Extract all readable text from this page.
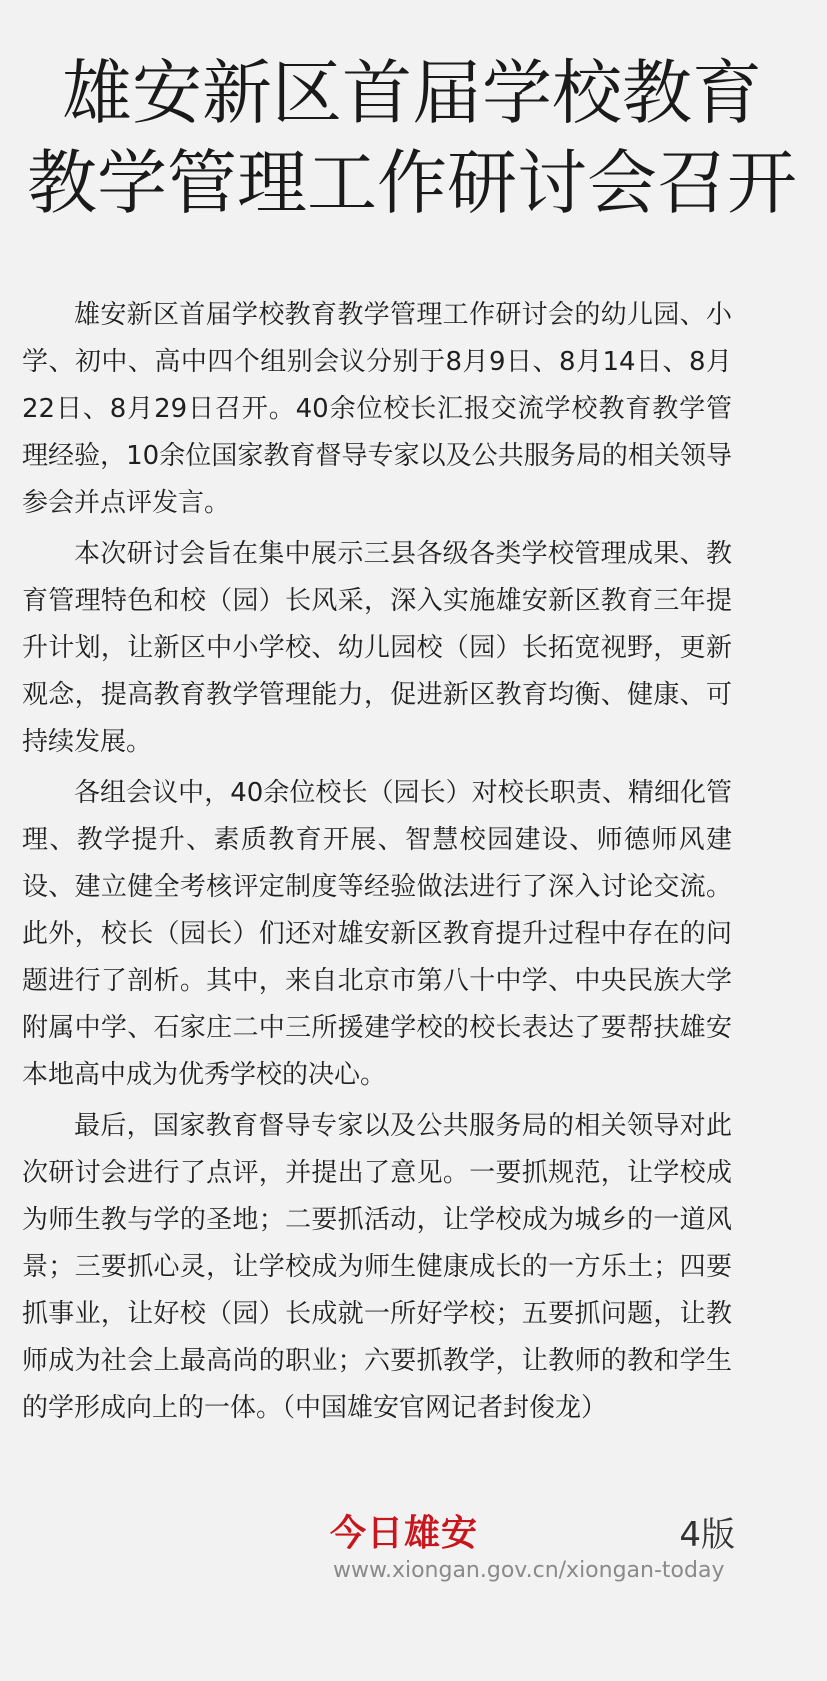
雄安新区首届学校教育
教学管理工作研讨会召开

雄安新区首届学校教育教学管理工作研讨会的幼儿园、小学、初中、高中四个组别会议分别于8月9日、8月14日、8月22日、8月29日召开。40余位校长汇报交流学校教育教学管理经验，10余位国家教育督导专家以及公共服务局的相关领导参会并点评发言。

本次研讨会旨在集中展示三县各级各类学校管理成果、教育管理特色和校（园）长风采，深入实施雄安新区教育三年提升计划，让新区中小学校、幼儿园校（园）长拓宽视野，更新观念，提高教育教学管理能力，促进新区教育均衡、健康、可持续发展。

各组会议中，40余位校长（园长）对校长职责、精细化管理、教学提升、素质教育开展、智慧校园建设、师德师风建设、建立健全考核评定制度等经验做法进行了深入讨论交流。此外，校长（园长）们还对雄安新区教育提升过程中存在的问题进行了剖析。其中，来自北京市第八十中学、中央民族大学附属中学、石家庄二中三所援建学校的校长表达了要帮扶雄安本地高中成为优秀学校的决心。

最后，国家教育督导专家以及公共服务局的相关领导对此次研讨会进行了点评，并提出了意见。一要抓规范，让学校成为师生教与学的圣地；二要抓活动，让学校成为城乡的一道风景；三要抓心灵，让学校成为师生健康成长的一方乐土；四要抓事业，让好校（园）长成就一所好学校；五要抓问题，让教师成为社会上最高尚的职业；六要抓教学，让教师的教和学生的学形成向上的一体。（中国雄安官网记者封俊龙）

今日雄安	4版
www.xiongan.gov.cn/xiongan-today
